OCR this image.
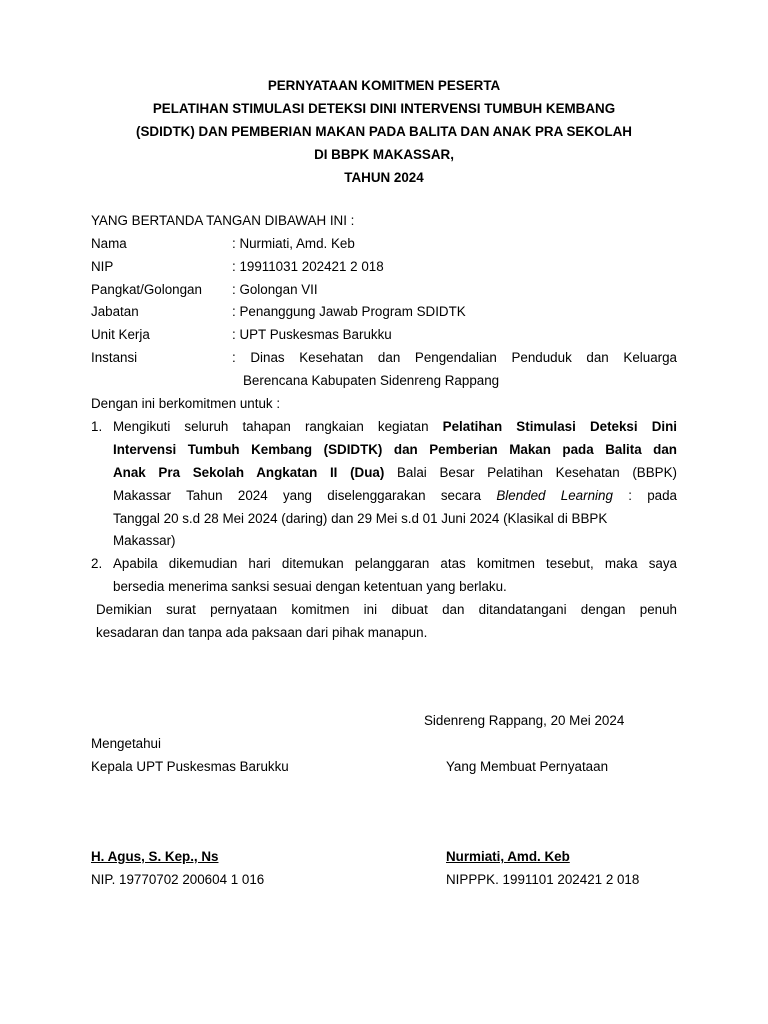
PERNYATAAN KOMITMEN PESERTA
PELATIHAN STIMULASI DETEKSI DINI INTERVENSI TUMBUH KEMBANG
(SDIDTK) DAN PEMBERIAN MAKAN PADA BALITA DAN ANAK PRA SEKOLAH
DI BBPK MAKASSAR,
TAHUN 2024
YANG BERTANDA TANGAN DIBAWAH INI :
Nama	: Nurmiati, Amd. Keb
NIP	: 19911031 202421 2 018
Pangkat/Golongan : Golongan VII
Jabatan	: Penanggung Jawab Program SDIDTK
Unit Kerja	: UPT Puskesmas Barukku
Instansi	: Dinas Kesehatan dan Pengendalian Penduduk dan Keluarga
Berencana Kabupaten Sidenreng Rappang
Dengan ini berkomitmen untuk :
1. Mengikuti seluruh tahapan rangkaian kegiatan Pelatihan Stimulasi Deteksi Dini
Intervensi Tumbuh Kembang (SDIDTK) dan Pemberian Makan pada Balita dan
Anak Pra Sekolah Angkatan II (Dua) Balai Besar Pelatihan Kesehatan (BBPK)
Makassar Tahun 2024 yang diselenggarakan secara Blended Learning : pada
Tanggal 20 s.d 28 Mei 2024 (daring) dan 29 Mei s.d 01 Juni 2024 (Klasikal di BBPK
Makassar)
2. Apabila dikemudian hari ditemukan pelanggaran atas komitmen tesebut, maka saya
bersedia menerima sanksi sesuai dengan ketentuan yang berlaku.
Demikian surat pernyataan komitmen ini dibuat dan ditandatangani dengan penuh
kesadaran dan tanpa ada paksaan dari pihak manapun.
Sidenreng Rappang, 20 Mei 2024
Mengetahui
Kepala UPT Puskesmas Barukku	Yang Membuat Pernyataan
H. Agus, S. Kep., Ns	Nurmiati, Amd. Keb
NIP. 19770702 200604 1 016	NIPPPK. 1991101 202421 2 018
